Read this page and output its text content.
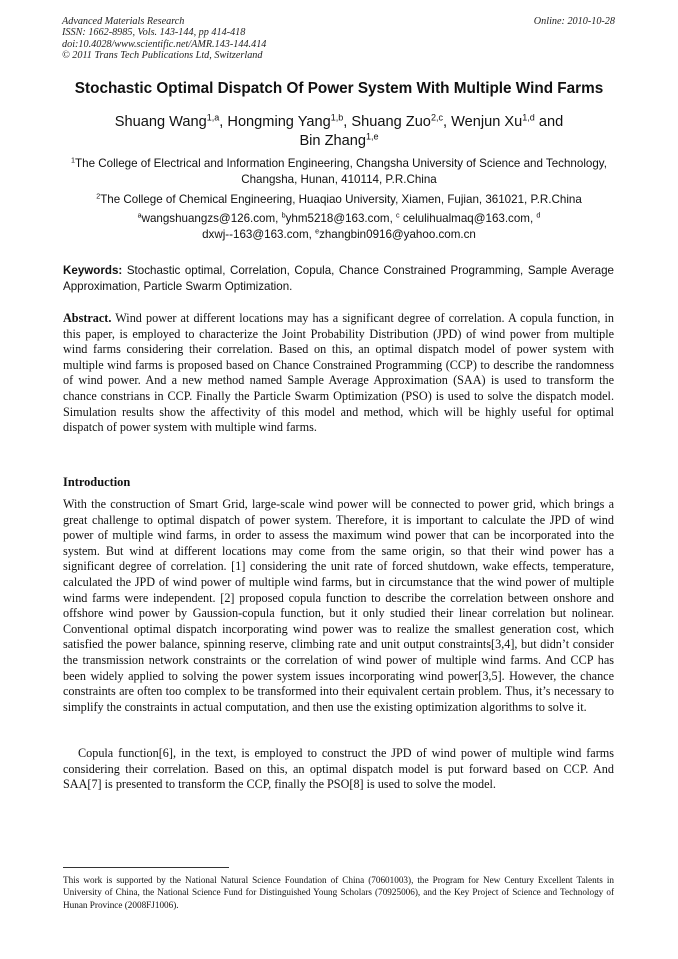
Advanced Materials Research
ISSN: 1662-8985, Vols. 143-144, pp 414-418
doi:10.4028/www.scientific.net/AMR.143-144.414
© 2011 Trans Tech Publications Ltd, Switzerland
Online: 2010-10-28
Stochastic Optimal Dispatch Of Power System With Multiple Wind Farms
Shuang Wang$^{1,a}$, Hongming Yang$^{1,b}$, Shuang Zuo$^{2,c}$, Wenjun Xu$^{1,d}$ and
Bin Zhang$^{1,e}$
$^1$The College of Electrical and Information Engineering, Changsha University of Science and Technology, Changsha, Hunan, 410114, P.R.China
$^2$The College of Chemical Engineering, Huaqiao University, Xiamen, Fujian, 361021, P.R.China
$^a$wangshuangzs@126.com, $^b$yhm5218@163.com, $^c$ celulihualmaq@163.com, $^d$
dxwj--163@163.com, $^e$zhangbin0916@yahoo.com.cn
Keywords: Stochastic optimal, Correlation, Copula, Chance Constrained Programming, Sample Average Approximation, Particle Swarm Optimization.
Abstract. Wind power at different locations may has a significant degree of correlation. A copula function, in this paper, is employed to characterize the Joint Probability Distribution (JPD) of wind power from multiple wind farms considering their correlation. Based on this, an optimal dispatch model of power system with multiple wind farms is proposed based on Chance Constrained Programming (CCP) to describe the randomness of wind power. And a new method named Sample Average Approximation (SAA) is used to transform the chance constrians in CCP. Finally the Particle Swarm Optimization (PSO) is used to solve the dispatch model. Simulation results show the affectivity of this model and method, which will be highly useful for optimal dispatch of power system with multiple wind farms.
Introduction
With the construction of Smart Grid, large-scale wind power will be connected to power grid, which brings a great challenge to optimal dispatch of power system. Therefore, it is important to calculate the JPD of wind power of multiple wind farms, in order to assess the maximum wind power that can be incorporated into the system. But wind at different locations may come from the same origin, so that their wind power has a significant degree of correlation. [1] considering the unit rate of forced shutdown, wake effects, temperature, calculated the JPD of wind power of multiple wind farms, but in circumstance that the wind power of multiple wind farms were independent. [2] proposed copula function to describe the correlation between onshore and offshore wind power by Gaussion-copula function, but it only studied their linear correlation but nolinear. Conventional optimal dispatch incorporating wind power was to realize the smallest generation cost, which satisfied the power balance, spinning reserve, climbing rate and unit output constraints[3,4], but didn’t consider the transmission network constraints or the correlation of wind power of multiple wind farms. And CCP has been widely applied to solving the power system issues incorporating wind power[3,5]. However, the chance constraints are often too complex to be transformed into their equivalent certain problem. Thus, it’s necessary to simplify the constraints in actual computation, and then use the existing optimization algorithms to solve it.
Copula function[6], in the text, is employed to construct the JPD of wind power of multiple wind farms considering their correlation. Based on this, an optimal dispatch model is put forward based on CCP. And SAA[7] is presented to transform the CCP, finally the PSO[8] is used to solve the model.
This work is supported by the National Natural Science Foundation of China (70601003), the Program for New Century Excellent Talents in University of China, the National Science Fund for Distinguished Young Scholars (70925006), and the Key Project of Science and Technology of Hunan Province (2008FJ1006).
